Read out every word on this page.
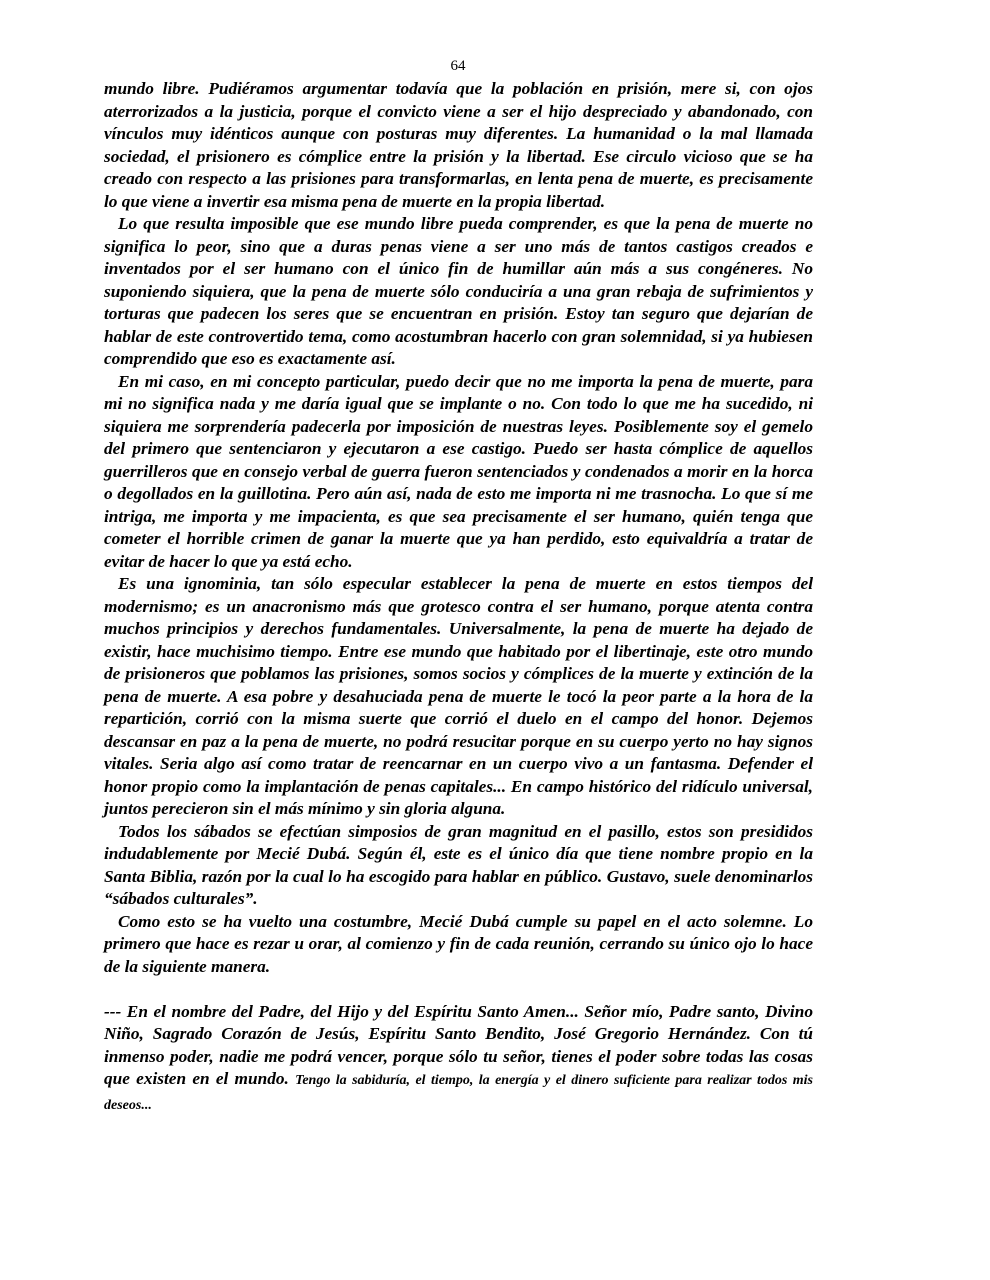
64

mundo libre. Pudiéramos argumentar todavía que la población en prisión, mere si, con ojos aterrorizados a la justicia, porque el convicto viene a ser el hijo despreciado y abandonado, con vínculos muy idénticos aunque con posturas muy diferentes. La humanidad o la mal llamada sociedad, el prisionero es cómplice entre la prisión y la libertad. Ese circulo vicioso que se ha creado con respecto a las prisiones para transformarlas, en lenta pena de muerte, es precisamente lo que viene a invertir esa misma pena de muerte en la propia libertad.

Lo que resulta imposible que ese mundo libre pueda comprender, es que la pena de muerte no significa lo peor, sino que a duras penas viene a ser uno más de tantos castigos creados e inventados por el ser humano con el único fin de humillar aún más a sus congéneres. No suponiendo siquiera, que la pena de muerte sólo conduciría a una gran rebaja de sufrimientos y torturas que padecen los seres que se encuentran en prisión. Estoy tan seguro que dejarían de hablar de este controvertido tema, como acostumbran hacerlo con gran solemnidad, si ya hubiesen comprendido que eso es exactamente así.

En mi caso, en mi concepto particular, puedo decir que no me importa la pena de muerte, para mi no significa nada y me daría igual que se implante o no. Con todo lo que me ha sucedido, ni siquiera me sorprendería padecerla por imposición de nuestras leyes. Posiblemente soy el gemelo del primero que sentenciaron y ejecutaron a ese castigo. Puedo ser hasta cómplice de aquellos guerrilleros que en consejo verbal de guerra fueron sentenciados y condenados a morir en la horca o degollados en la guillotina. Pero aún así, nada de esto me importa ni me trasnocha. Lo que sí me intriga, me importa y me impacienta, es que sea precisamente el ser humano, quién tenga que cometer el horrible crimen de ganar la muerte que ya han perdido, esto equivaldría a tratar de evitar de hacer lo que ya está echo.

Es una ignominia, tan sólo especular establecer la pena de muerte en estos tiempos del modernismo; es un anacronismo más que grotesco contra el ser humano, porque atenta contra muchos principios y derechos fundamentales. Universalmente, la pena de muerte ha dejado de existir, hace muchisimo tiempo. Entre ese mundo que habitado por el libertinaje, este otro mundo de prisioneros que poblamos las prisiones, somos socios y cómplices de la muerte y extinción de la pena de muerte. A esa pobre y desahuciada pena de muerte le tocó la peor parte a la hora de la repartición, corrió con la misma suerte que corrió el duelo en el campo del honor. Dejemos descansar en paz a la pena de muerte, no podrá resucitar porque en su cuerpo yerto no hay signos vitales. Seria algo así como tratar de reencarnar en un cuerpo vivo a un fantasma. Defender el honor propio como la implantación de penas capitales... En campo histórico del ridículo universal, juntos perecieron sin el más mínimo y sin gloria alguna.

Todos los sábados se efectúan simposios de gran magnitud en el pasillo, estos son presididos indudablemente por Mecié Dubá. Según él, este es el único día que tiene nombre propio en la Santa Biblia, razón por la cual lo ha escogido para hablar en público. Gustavo, suele denominarlos “sábados culturales”.

Como esto se ha vuelto una costumbre, Mecié Dubá cumple su papel en el acto solemne. Lo primero que hace es rezar u orar, al comienzo y fin de cada reunión, cerrando su único ojo lo hace de la siguiente manera.

--- En el nombre del Padre, del Hijo y del Espíritu Santo Amen... Señor mío, Padre santo, Divino Niño, Sagrado Corazón de Jesús, Espíritu Santo Bendito, José Gregorio Hernández. Con tú inmenso poder, nadie me podrá vencer, porque sólo tu señor, tienes el poder sobre todas las cosas que existen en el mundo. Tengo la sabiduría, el tiempo, la energía y el dinero suficiente para realizar todos mis deseos...
